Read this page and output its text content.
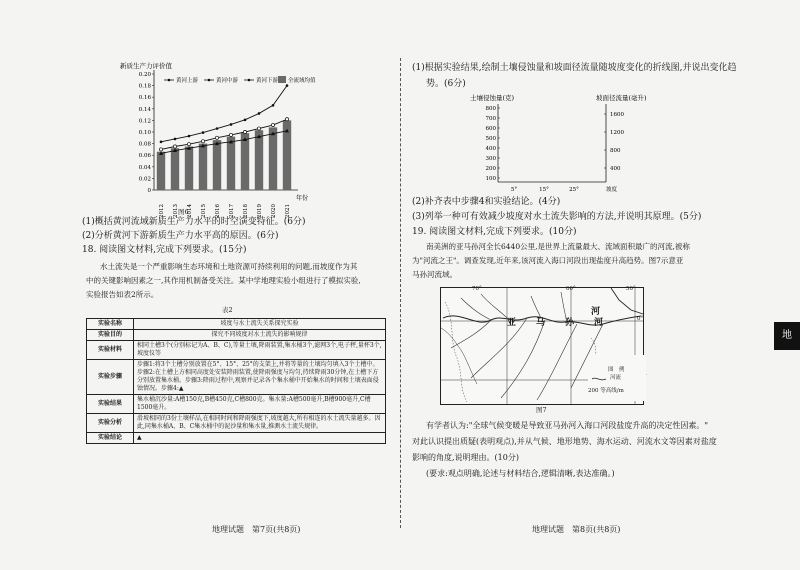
新质生产力评价值
0
0.02
0.04
0.06
0.08
0.10
0.12
0.14
0.16
0.18
0.20
2012 2013 2014 2015 2016 2017 2018 2019 2020 2021
年份
黄河上游	黄河中游	黄河下游 全流域均值
图6
(1)概括黄河流域新质生产力水平的时空演变特征。(6分)
(2)分析黄河下游新质生产力水平高的原因。(6分)
18. 阅读图文材料,完成下列要求。(15分)
水土流失是一个严重影响生态环境和土地资源可持续利用的问题,而坡度作为其
中的关键影响因素之一,其作用机制备受关注。某中学地理实验小组进行了模拟实验,
实验报告如表2所示。
表2
实验名称	坡度与水土流失关系探究实验
实验目的	探究不同坡度对水土流失的影响规律
实验材料	相同土槽3个(分别标记为A、B、C),等量土壤,降雨装置,集水桶3个,滤网3个,电子秤,量杯3个,坡度仪等
实验步骤	步骤1:将3个土槽分别放置在5°、15°、25°的支架上,并将等量的土壤均匀填入3个土槽中。步骤2:在土槽上方相同高度处安装降雨装置,使降雨强度与均匀,持续降雨30分钟,在土槽下方分别放置集水桶。步骤3:降雨过程中,观察并记录各个集水桶中开始集水的时间和土壤表面侵蚀情况。步骤4:▲
实验结果	集水桶沉沙量:A槽150克,B槽450克,C槽800克。集水量:A槽500毫升,B槽900毫升,C槽1500毫升。
实验分析	滑坡相同的3份土壤样品,在相同时间和降雨强度下,坡度越大,所有相连的水土流失量越多。因此,同集水桶A、B、C集水桶中的泥沙量和集水量,推测水土流失规律。
实验结论	▲
地理试题　第7页(共8页)
(1)根据实验结果,绘制土壤侵蚀量和坡面径流量随坡度变化的折线图,并说出变化趋
势。(6分)
土壤侵蚀量(克)	坡面径流量(毫升)
800
700
600
500
400
300
200
100
1600
1200
800
400
5°	15°	25°	坡度
(2)补齐表中步骤4和实验结论。(4分)
(3)列举一种可有效减少坡度对水土流失影响的方法,并说明其原理。(5分)
19. 阅读图文材料,完成下列要求。(10分)
南美洲的亚马孙河全长6440公里,是世界上流量最大、流域面积最广的河流,被称
为"河流之王"。调查发现,近年来,该河流入海口河段出现盐度升高趋势。图7示意亚
马孙河流域。
亚马孙河
河
70°	60°	50°
0°
图　例
河流
200 等高线/m
图7
有学者认为:"全球气候变暖是导致亚马孙河入海口河段盐度升高的决定性因素。"
对此认识提出质疑(表明观点),并从气候、地形地势、海水运动、河流水文等因素对盐度
影响的角度,说明理由。(10分)
(要求:观点明确,论述与材料结合,逻辑清晰,表达准确。)
地理试题　第8页(共8页)
地
